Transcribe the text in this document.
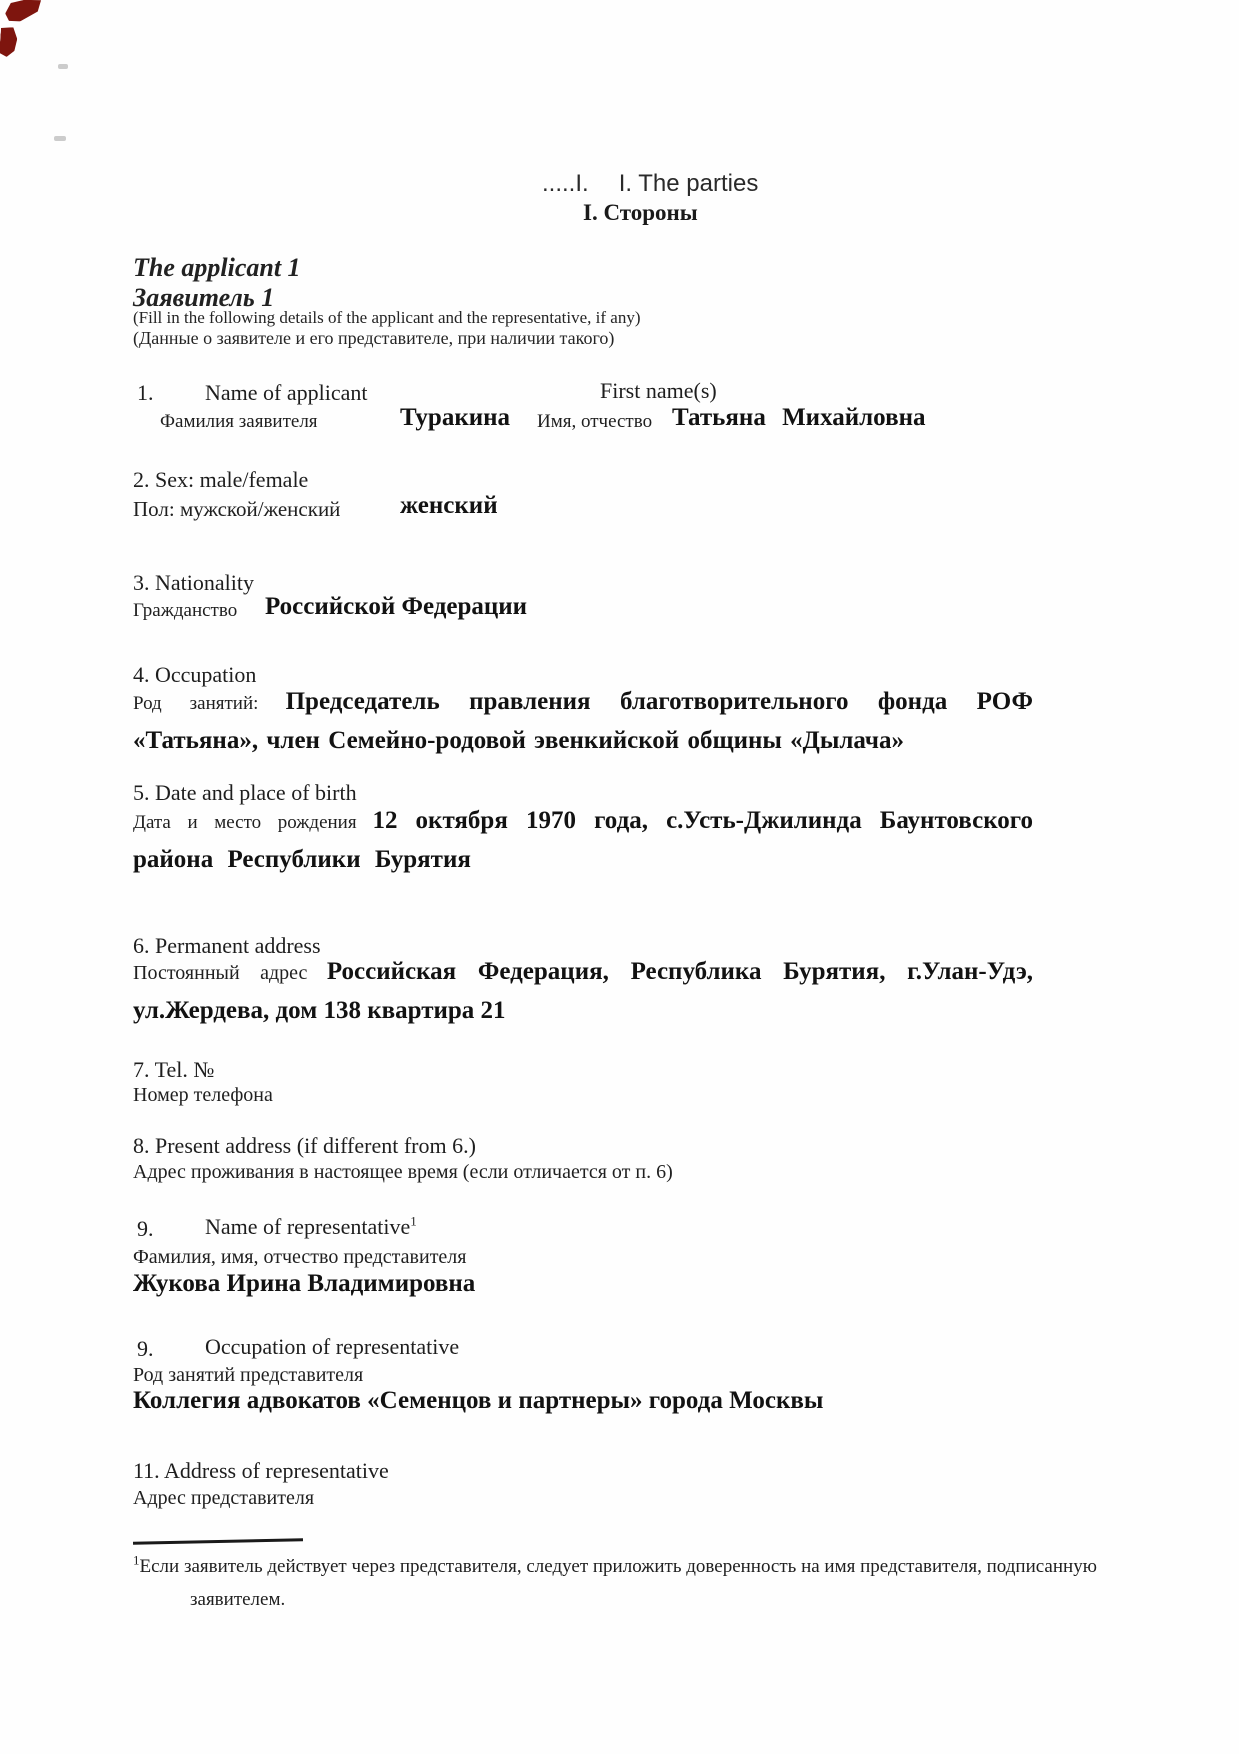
.....I. I. The parties
I. Стороны
The applicant 1
Заявитель 1
(Fill in the following details of the applicant and the representative, if any)
(Данные о заявителе и его представителе, при наличии такого)
1. Name of applicant	First name(s)
Фамилия заявителя	Туракина Имя, отчество Татьяна Михайловна
2. Sex: male/female
Пол: мужской/женский женский
3. Nationality
Гражданство Российской Федерации
4. Occupation
Род занятий: Председатель правления благотворительного фонда РОФ
«Татьяна», член Семейно-родовой эвенкийской общины «Дылача»
5. Date and place of birth
Дата и место рождения 12 октября 1970 года, с.Усть-Джилинда Баунтовского
района Республики Бурятия
6. Permanent address
Постоянный адрес Российская Федерация, Республика Бурятия, г.Улан-Удэ,
ул.Жердева, дом 138 квартира 21
7. Tel. №
Номер телефона
8. Present address (if different from 6.)
Адрес проживания в настоящее время (если отличается от п. 6)
9. Name of representative$^1$
Фамилия, имя, отчество представителя
Жукова Ирина Владимировна
9. Occupation of representative
Род занятий представителя
Коллегия адвокатов «Семенцов и партнеры» города Москвы
11. Address of representative
Адрес представителя
$^1$Если заявитель действует через представителя, следует приложить доверенность на имя представителя, подписанную
заявителем.
